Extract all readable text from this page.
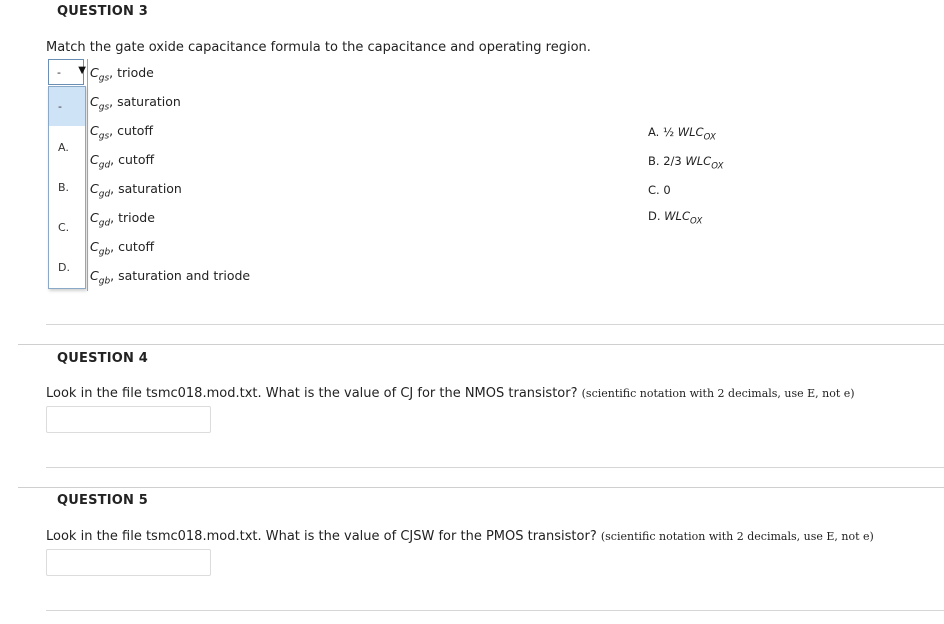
QUESTION 3
Match the gate oxide capacitance formula to the capacitance and operating region.
- ▼
-
A.
B.
C.
D.
$C_{gs}$, triode
$C_{gs}$, saturation
$C_{gs}$, cutoff
$C_{gd}$, cutoff
$C_{gd}$, saturation
$C_{gd}$, triode
$C_{gb}$, cutoff
$C_{gb}$, saturation and triode
A. ½ $WLC_{OX}$
B. 2/3 $WLC_{OX}$
C. 0
D. $WLC_{OX}$
QUESTION 4
Look in the file tsmc018.mod.txt. What is the value of CJ for the NMOS transistor? (scientific notation with 2 decimals, use E, not e)
QUESTION 5
Look in the file tsmc018.mod.txt. What is the value of CJSW for the PMOS transistor? (scientific notation with 2 decimals, use E, not e)
